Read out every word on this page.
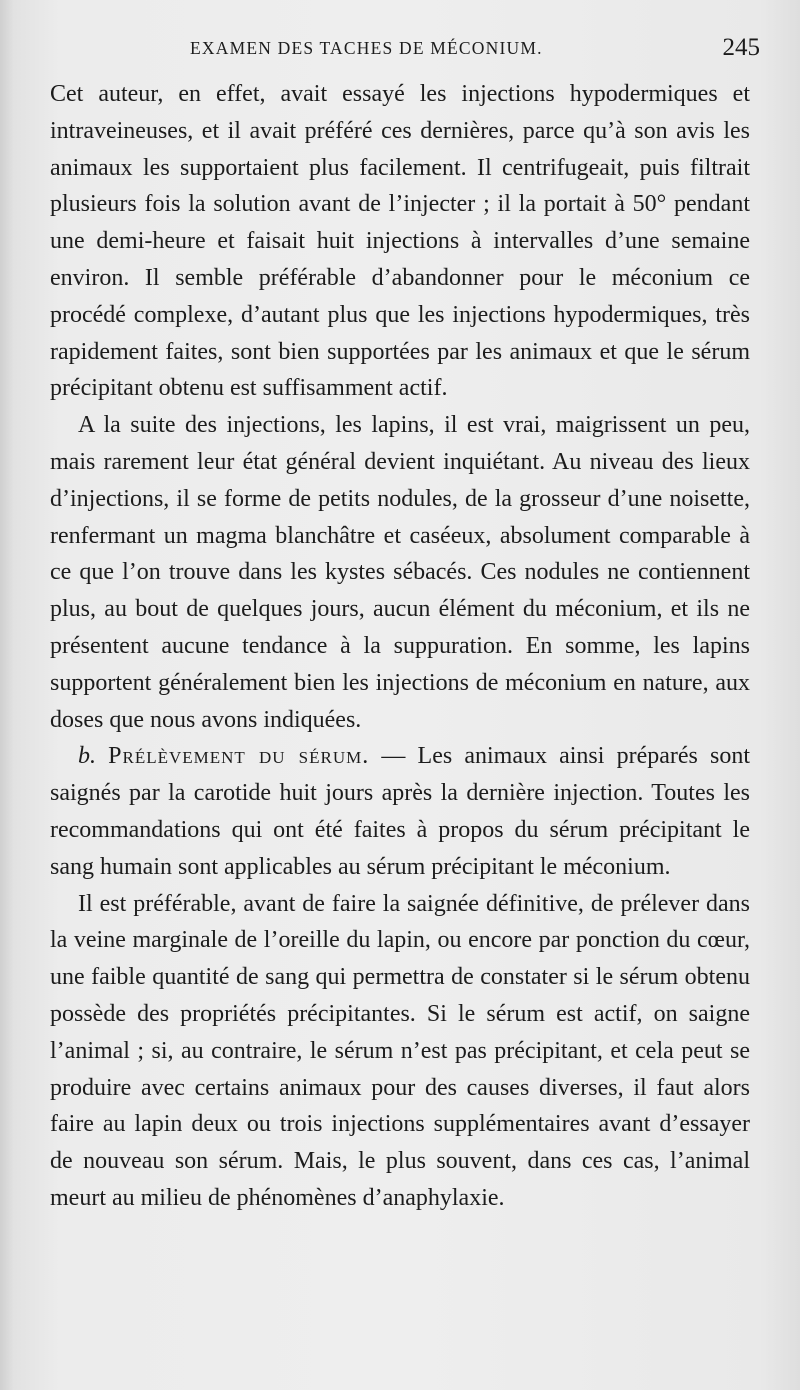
EXAMEN DES TACHES DE MÉCONIUM.	245

Cet auteur, en effet, avait essayé les injections hypodermiques et intraveineuses, et il avait préféré ces dernières, parce qu’à son avis les animaux les supportaient plus facilement. Il centrifugeait, puis filtrait plusieurs fois la solution avant de l’injecter ; il la portait à 50° pendant une demi-heure et faisait huit injections à intervalles d’une semaine environ. Il semble préférable d’abandonner pour le méconium ce procédé complexe, d’autant plus que les injections hypodermiques, très rapidement faites, sont bien supportées par les animaux et que le sérum précipitant obtenu est suffisamment actif.

A la suite des injections, les lapins, il est vrai, maigrissent un peu, mais rarement leur état général devient inquiétant. Au niveau des lieux d’injections, il se forme de petits nodules, de la grosseur d’une noisette, renfermant un magma blanchâtre et caséeux, absolument comparable à ce que l’on trouve dans les kystes sébacés. Ces nodules ne contiennent plus, au bout de quelques jours, aucun élément du méconium, et ils ne présentent aucune tendance à la suppuration. En somme, les lapins supportent généralement bien les injections de méconium en nature, aux doses que nous avons indiquées.

b. Prélèvement du sérum. — Les animaux ainsi préparés sont saignés par la carotide huit jours après la dernière injection. Toutes les recommandations qui ont été faites à propos du sérum précipitant le sang humain sont applicables au sérum précipitant le méconium.

Il est préférable, avant de faire la saignée définitive, de prélever dans la veine marginale de l’oreille du lapin, ou encore par ponction du cœur, une faible quantité de sang qui permettra de constater si le sérum obtenu possède des propriétés précipitantes. Si le sérum est actif, on saigne l’animal ; si, au contraire, le sérum n’est pas précipitant, et cela peut se produire avec certains animaux pour des causes diverses, il faut alors faire au lapin deux ou trois injections supplémentaires avant d’essayer de nouveau son sérum. Mais, le plus souvent, dans ces cas, l’animal meurt au milieu de phénomènes d’anaphylaxie.
